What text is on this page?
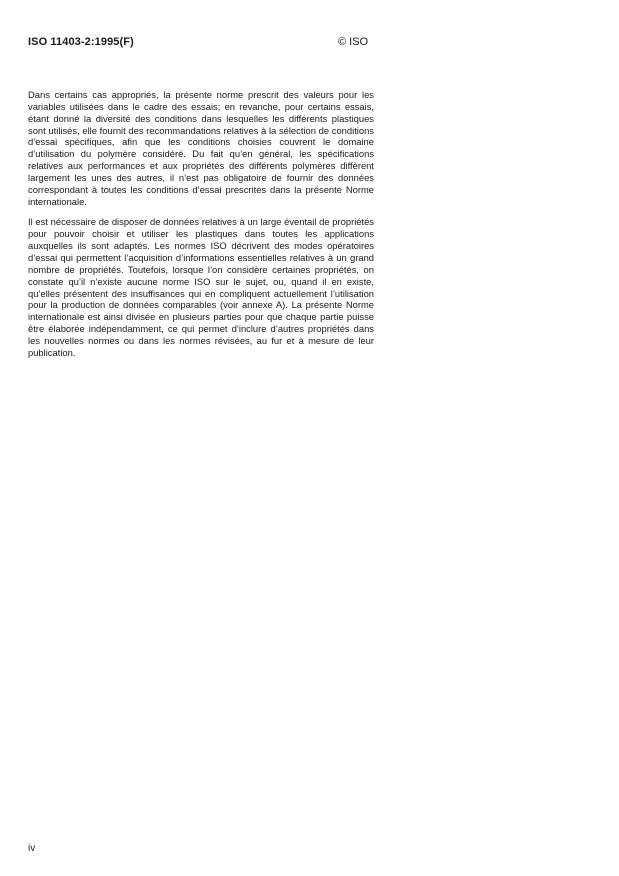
ISO 11403-2:1995(F)	© ISO

Dans certains cas appropriés, la présente norme prescrit des valeurs pour les variables utilisées dans le cadre des essais; en revanche, pour certains essais, étant donné la diversité des conditions dans lesquelles les différents plastiques sont utilisés, elle fournit des recommandations relatives à la sélection de conditions d’essai spécifiques, afin que les conditions choisies couvrent le domaine d’utilisation du polymère considéré. Du fait qu’en général, les spécifications relatives aux performances et aux propriétés des différents polymères diffèrent largement les unes des autres, il n’est pas obligatoire de fournir des données correspondant à toutes les conditions d’essai prescrites dans la présente Norme internationale.

Il est nécessaire de disposer de données relatives à un large éventail de propriétés pour pouvoir choisir et utiliser les plastiques dans toutes les applications auxquelles ils sont adaptés. Les normes ISO décrivent des modes opératoires d’essai qui permettent l’acquisition d’informations essentielles relatives à un grand nombre de propriétés. Toutefois, lorsque l’on considère certaines propriétés, on constate qu’il n’existe aucune norme ISO sur le sujet, ou, quand il en existe, qu’elles présentent des insuffisances qui en compliquent actuellement l’utilisation pour la production de données comparables (voir annexe A). La présente Norme internationale est ainsi divisée en plusieurs parties pour que chaque partie puisse être élaborée indépendamment, ce qui permet d’inclure d’autres propriétés dans les nouvelles normes ou dans les normes révisées, au fur et à mesure de leur publication.

iv
